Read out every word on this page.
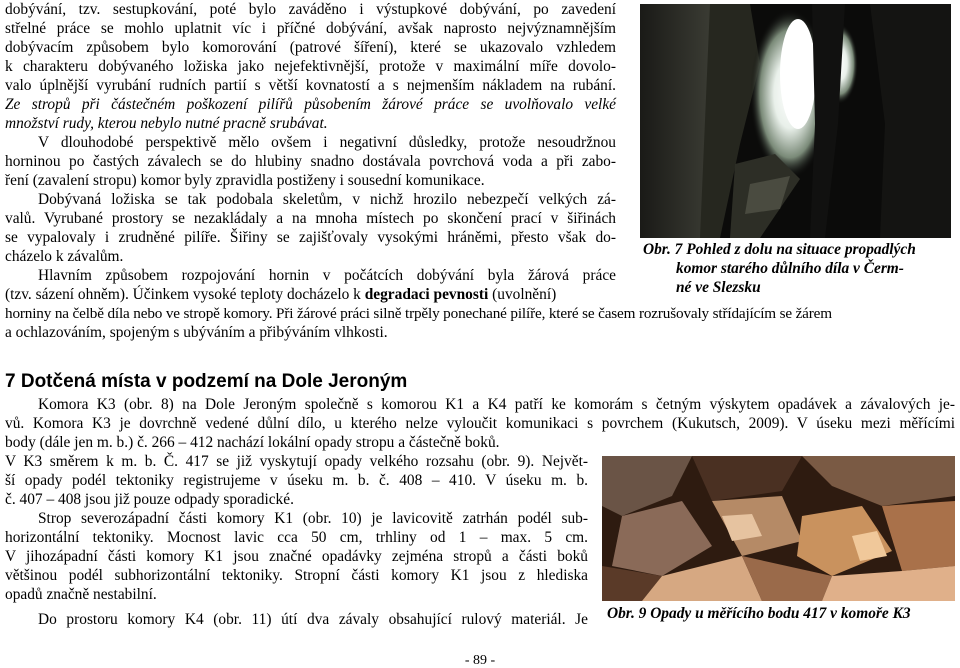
dobývání, tzv. sestupkování, poté bylo zaváděno i výstupkové dobývání, po zavedení
střelné práce se mohlo uplatnit víc i příčné dobývání, avšak naprosto nejvýznamnějším
dobývacím způsobem bylo komorování (patrové šíření), které se ukazovalo vzhledem
k charakteru dobývaného ložiska jako nejefektivnější, protože v maximální míře dovolo-
valo úplnější vyrubání rudních partií s větší kovnatostí a s nejmenším nákladem na rubání.
Ze stropů při částečném poškození pilířů působením žárové práce se uvolňovalo velké
množství rudy, kterou nebylo nutné pracně srubávat.
V dlouhodobé perspektivě mělo ovšem i negativní důsledky, protože nesoudržnou
horninou po častých závalech se do hlubiny snadno dostávala povrchová voda a při zabo-
ření (zavalení stropu) komor byly zpravidla postiženy i sousední komunikace.
Dobývaná ložiska se tak podobala skeletům, v nichž hrozilo nebezpečí velkých zá-
valů. Vyrubané prostory se nezakládaly a na mnoha místech po skončení prací v šiřinách
se vypalovaly i zrudněné pilíře. Šiřiny se zajišťovaly vysokými hráněmi, přesto však do-
cházelo k závalům.
Hlavním způsobem rozpojování hornin v počátcích dobývání byla žárová práce
(tzv. sázení ohněm). Účinkem vysoké teploty docházelo k degradaci pevnosti (uvolnění)
horniny na čelbě díla nebo ve stropě komory. Při žárové práci silně trpěly ponechané pilíře, které se časem rozrušovaly střídajícím se žárem
a ochlazováním, spojeným s ubýváním a přibýváním vlhkosti.
Obr. 7 Pohled z dolu na situace propadlých
komor starého důlního díla v Čerm-
né ve Slezsku
7 Dotčená místa v podzemí na Dole Jeroným
Komora K3 (obr. 8) na Dole Jeroným společně s komorou K1 a K4 patří ke komorám s četným výskytem opadávek a závalových je-
vů. Komora K3 je dovrchně vedené důlní dílo, u kterého nelze vyloučit komunikaci s povrchem (Kukutsch, 2009). V úseku mezi měřícími
body (dále jen m. b.) č. 266 – 412 nachází lokální opady stropu a částečně boků.
V K3 směrem k m. b. Č. 417 se již vyskytují opady velkého rozsahu (obr. 9). Největ-
ší opady podél tektoniky registrujeme v úseku m. b. č. 408 – 410. V úseku m. b.
č. 407 – 408 jsou již pouze odpady sporadické.
Strop severozápadní části komory K1 (obr. 10) je lavicovitě zatrhán podél sub-
horizontální tektoniky. Mocnost lavic cca 50 cm, trhliny od 1 – max. 5 cm.
V jihozápadní části komory K1 jsou značné opadávky zejména stropů a části boků
většinou podél subhorizontální tektoniky. Stropní části komory K1 jsou z hlediska
opadů značně nestabilní.
Do prostoru komory K4 (obr. 11) útí dva závaly obsahující rulový materiál. Je Obr. 9 Opady u měřícího bodu 417 v komoře K3
- 89 -
